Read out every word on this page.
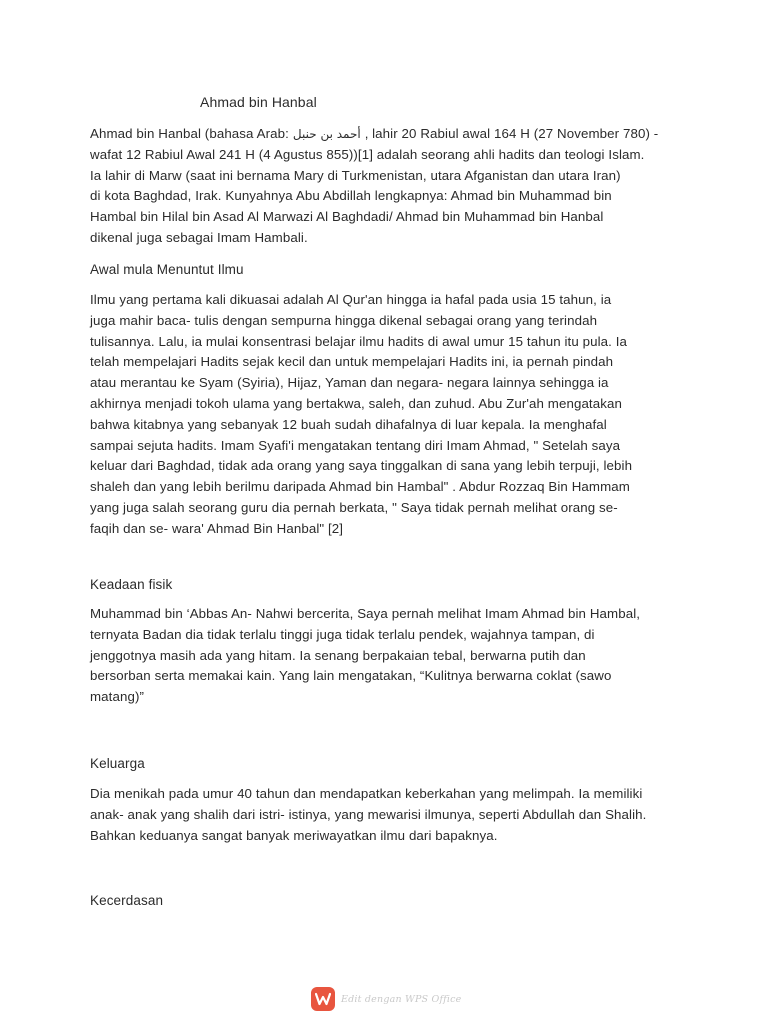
Ahmad bin Hanbal
Ahmad bin Hanbal (bahasa Arab: أحمد بن حنبل , lahir 20 Rabiul awal 164 H (27 November 780) -
wafat 12 Rabiul Awal 241 H (4 Agustus 855))[1] adalah seorang ahli hadits dan teologi Islam.
Ia lahir di Marw (saat ini bernama Mary di Turkmenistan, utara Afganistan dan utara Iran)
di kota Baghdad, Irak. Kunyahnya Abu Abdillah lengkapnya: Ahmad bin Muhammad bin
Hambal bin Hilal bin Asad Al Marwazi Al Baghdadi/ Ahmad bin Muhammad bin Hanbal
dikenal juga sebagai Imam Hambali.
Awal mula Menuntut Ilmu
Ilmu yang pertama kali dikuasai adalah Al Qur'an hingga ia hafal pada usia 15 tahun, ia
juga mahir baca- tulis dengan sempurna hingga dikenal sebagai orang yang terindah
tulisannya. Lalu, ia mulai konsentrasi belajar ilmu hadits di awal umur 15 tahun itu pula. Ia
telah mempelajari Hadits sejak kecil dan untuk mempelajari Hadits ini, ia pernah pindah
atau merantau ke Syam (Syiria), Hijaz, Yaman dan negara- negara lainnya sehingga ia
akhirnya menjadi tokoh ulama yang bertakwa, saleh, dan zuhud. Abu Zur'ah mengatakan
bahwa kitabnya yang sebanyak 12 buah sudah dihafalnya di luar kepala. Ia menghafal
sampai sejuta hadits. Imam Syafi'i mengatakan tentang diri Imam Ahmad, " Setelah saya
keluar dari Baghdad, tidak ada orang yang saya tinggalkan di sana yang lebih terpuji, lebih
shaleh dan yang lebih berilmu daripada Ahmad bin Hambal" . Abdur Rozzaq Bin Hammam
yang juga salah seorang guru dia pernah berkata, " Saya tidak pernah melihat orang se-
faqih dan se- wara' Ahmad Bin Hanbal" [2]
Keadaan fisik
Muhammad bin ‘Abbas An- Nahwi bercerita, Saya pernah melihat Imam Ahmad bin Hambal,
ternyata Badan dia tidak terlalu tinggi juga tidak terlalu pendek, wajahnya tampan, di
jenggotnya masih ada yang hitam. Ia senang berpakaian tebal, berwarna putih dan
bersorban serta memakai kain. Yang lain mengatakan, “Kulitnya berwarna coklat (sawo
matang)”
Keluarga
Dia menikah pada umur 40 tahun dan mendapatkan keberkahan yang melimpah. Ia memiliki
anak- anak yang shalih dari istri- istinya, yang mewarisi ilmunya, seperti Abdullah dan Shalih.
Bahkan keduanya sangat banyak meriwayatkan ilmu dari bapaknya.
Kecerdasan
Edit dengan WPS Office
